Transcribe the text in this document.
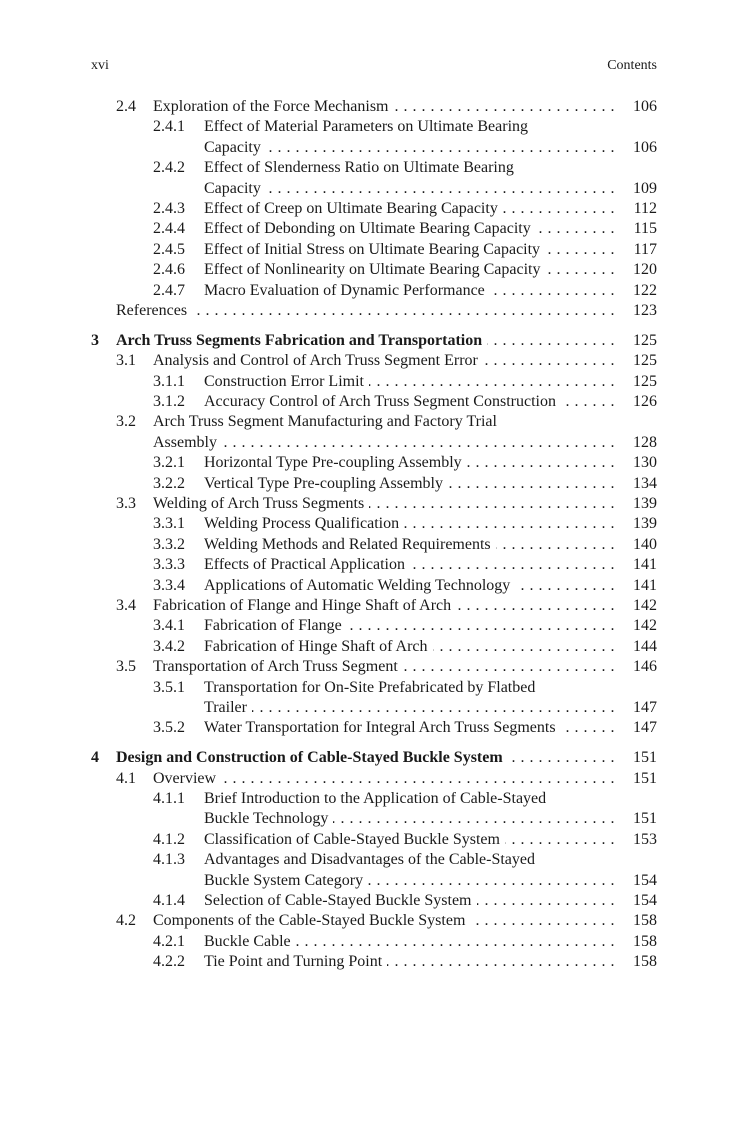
xvi	Contents
2.4 Exploration of the Force Mechanism . . .	106
2.4.1 Effect of Material Parameters on Ultimate Bearing
Capacity . . .	106
2.4.2 Effect of Slenderness Ratio on Ultimate Bearing
Capacity . . .	109
2.4.3 Effect of Creep on Ultimate Bearing Capacity . . .	112
2.4.4 Effect of Debonding on Ultimate Bearing Capacity . . .	115
2.4.5 Effect of Initial Stress on Ultimate Bearing Capacity . . .	117
2.4.6 Effect of Nonlinearity on Ultimate Bearing Capacity . . .	120
2.4.7 Macro Evaluation of Dynamic Performance . . .	122
References . . .	123
3 Arch Truss Segments Fabrication and Transportation . . .	125
3.1 Analysis and Control of Arch Truss Segment Error . . .	125
3.1.1 Construction Error Limit . . .	125
3.1.2 Accuracy Control of Arch Truss Segment Construction . . .	126
3.2 Arch Truss Segment Manufacturing and Factory Trial
Assembly . . .	128
3.2.1 Horizontal Type Pre-coupling Assembly . . .	130
3.2.2 Vertical Type Pre-coupling Assembly . . .	134
3.3 Welding of Arch Truss Segments . . .	139
3.3.1 Welding Process Qualification . . .	139
3.3.2 Welding Methods and Related Requirements . . .	140
3.3.3 Effects of Practical Application . . .	141
3.3.4 Applications of Automatic Welding Technology . . .	141
3.4 Fabrication of Flange and Hinge Shaft of Arch . . .	142
3.4.1 Fabrication of Flange . . .	142
3.4.2 Fabrication of Hinge Shaft of Arch . . .	144
3.5 Transportation of Arch Truss Segment . . .	146
3.5.1 Transportation for On-Site Prefabricated by Flatbed
Trailer . . .	147
3.5.2 Water Transportation for Integral Arch Truss Segments . . .	147
4 Design and Construction of Cable-Stayed Buckle System . . .	151
4.1 Overview . . .	151
4.1.1 Brief Introduction to the Application of Cable-Stayed
Buckle Technology . . .	151
4.1.2 Classification of Cable-Stayed Buckle System . . .	153
4.1.3 Advantages and Disadvantages of the Cable-Stayed
Buckle System Category . . .	154
4.1.4 Selection of Cable-Stayed Buckle System . . .	154
4.2 Components of the Cable-Stayed Buckle System . . .	158
4.2.1 Buckle Cable . . .	158
4.2.2 Tie Point and Turning Point . . .	158
